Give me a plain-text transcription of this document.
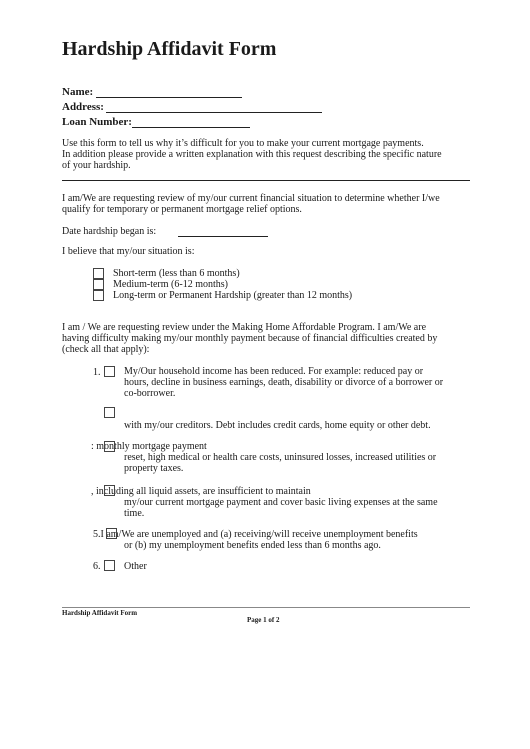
Hardship Affidavit Form
Name:
Address:
Loan Number:
Use this form to tell us why it’s difficult for you to make your current mortgage payments.
In addition please provide a written explanation with this request describing the specific nature
of your hardship.
I am/We are requesting review of my/our current financial situation to determine whether I/we
qualify for temporary or permanent mortgage relief options.
Date hardship began is:
I believe that my/our situation is:
Short-term (less than 6 months)
Medium-term (6-12 months)
Long-term or Permanent Hardship (greater than 12 months)
I am / We are requesting review under the Making Home Affordable Program. I am/We are
having difficulty making my/our monthly payment because of financial difficulties created by
(check all that apply):
1. My/Our household income has been reduced. For example: reduced pay or
hours, decline in business earnings, death, disability or divorce of a borrower or
co-borrower.
with my/our creditors. Debt includes credit cards, home equity or other debt.
: monthly mortgage payment
reset, high medical or health care costs, uninsured losses, increased utilities or
property taxes.
, including all liquid assets, are insufficient to maintain
my/our current mortgage payment and cover basic living expenses at the same
time.
5.I am/We are unemployed and (a) receiving/will receive unemployment benefits
or (b) my unemployment benefits ended less than 6 months ago.
6. Other
Hardship Affidavit Form
Page 1 of 2
